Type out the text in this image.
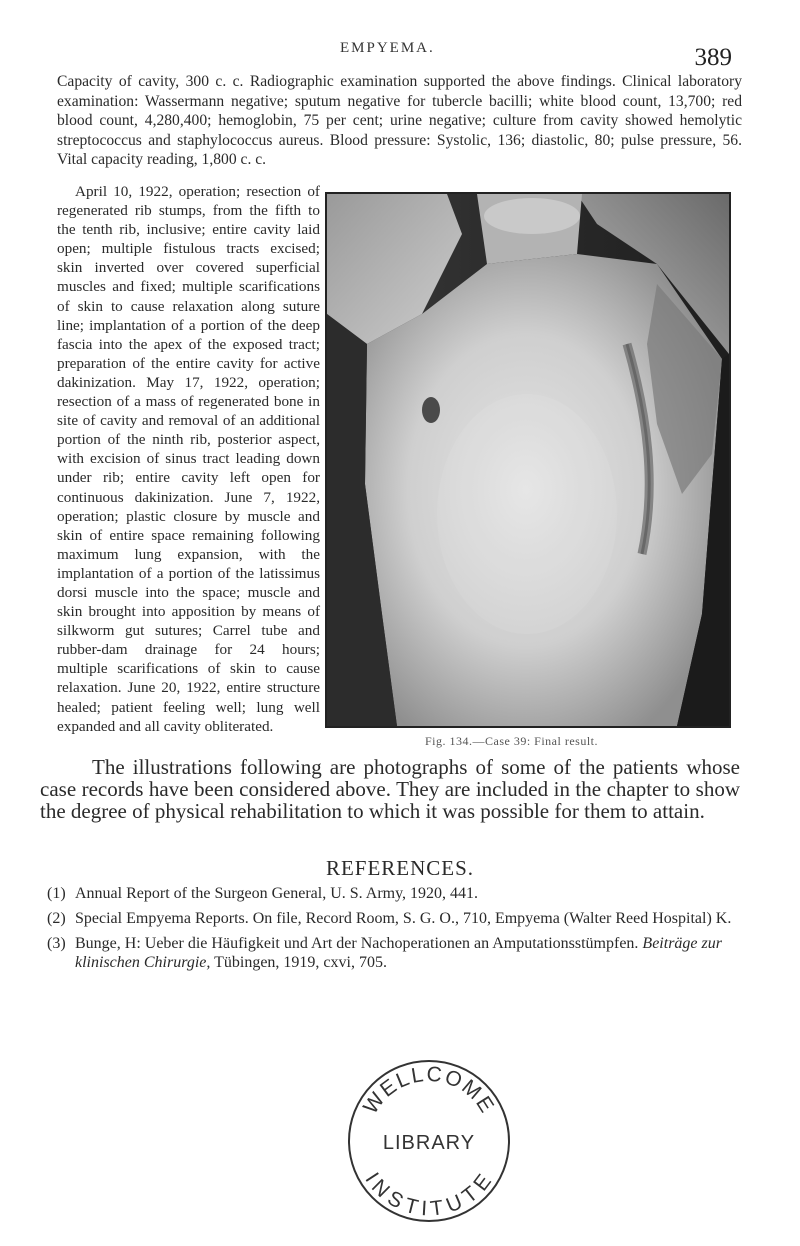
EMPYEMA.	389

Capacity of cavity, 300 c. c. Radiographic examination supported the above findings. Clinical laboratory examination: Wassermann negative; sputum negative for tubercle bacilli; white blood count, 13,700; red blood count, 4,280,400; hemoglobin, 75 per cent; urine negative; culture from cavity showed hemolytic streptococcus and staphylococcus aureus. Blood pressure: Systolic, 136; diastolic, 80; pulse pressure, 56. Vital capacity reading, 1,800 c. c.

April 10, 1922, operation; resection of regenerated rib stumps, from the fifth to the tenth rib, inclusive; entire cavity laid open; multiple fistulous tracts excised; skin inverted over covered superficial muscles and fixed; multiple scarifications of skin to cause relaxation along suture line; implantation of a portion of the deep fascia into the apex of the exposed tract; preparation of the entire cavity for active dakinization. May 17, 1922, operation; resection of a mass of regenerated bone in site of cavity and removal of an additional portion of the ninth rib, posterior aspect, with excision of sinus tract leading down under rib; entire cavity left open for continuous dakinization. June 7, 1922, operation; plastic closure by muscle and skin of entire space remaining following maximum lung expansion, with the implantation of a portion of the latissimus dorsi muscle into the space; muscle and skin brought into apposition by means of silkworm gut sutures; Carrel tube and rubber-dam drainage for 24 hours; multiple scarifications of skin to cause relaxation. June 20, 1922, entire structure healed; patient feeling well; lung well expanded and all cavity obliterated.

Fig. 134.—Case 39: Final result.

The illustrations following are photographs of some of the patients whose case records have been considered above. They are included in the chapter to show the degree of physical rehabilitation to which it was possible for them to attain.

REFERENCES.
(1) Annual Report of the Surgeon General, U. S. Army, 1920, 441.
(2) Special Empyema Reports. On file, Record Room, S. G. O., 710, Empyema (Walter Reed Hospital) K.
(3) Bunge, H: Ueber die Häufigkeit und Art der Nachoperationen an Amputationsstümpfen. Beiträge zur klinischen Chirurgie, Tübingen, 1919, cxvi, 705.
WELLCOME
LIBRARY
INSTITUTE
